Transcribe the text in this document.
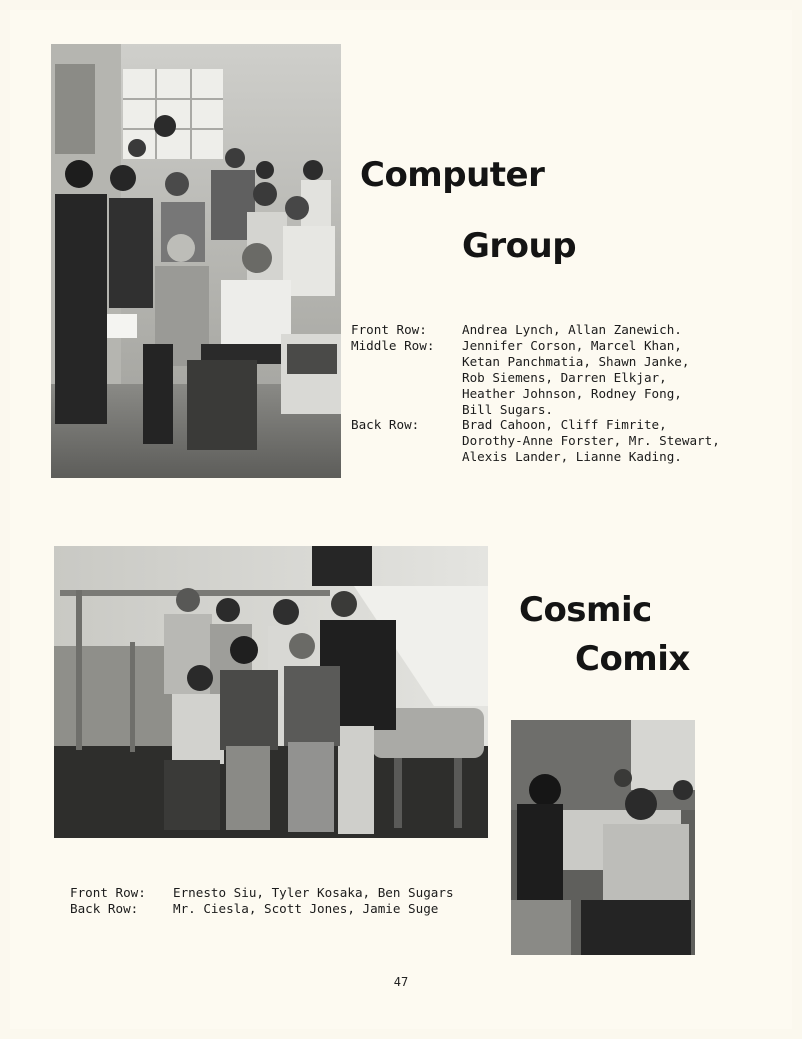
Computer
Group
Front Row:	Andrea Lynch, Allan Zanewich.
Middle Row:	Jennifer Corson, Marcel Khan,
Ketan Panchmatia, Shawn Janke,
Rob Siemens, Darren Elkjar,
Heather Johnson, Rodney Fong,
Bill Sugars.
Back Row:	Brad Cahoon, Cliff Fimrite,
Dorothy-Anne Forster, Mr. Stewart,
Alexis Lander, Lianne Kading.
Cosmic
Comix
Front Row:	Ernesto Siu, Tyler Kosaka, Ben Sugars
Back Row:	Mr. Ciesla, Scott Jones, Jamie Suge
47
